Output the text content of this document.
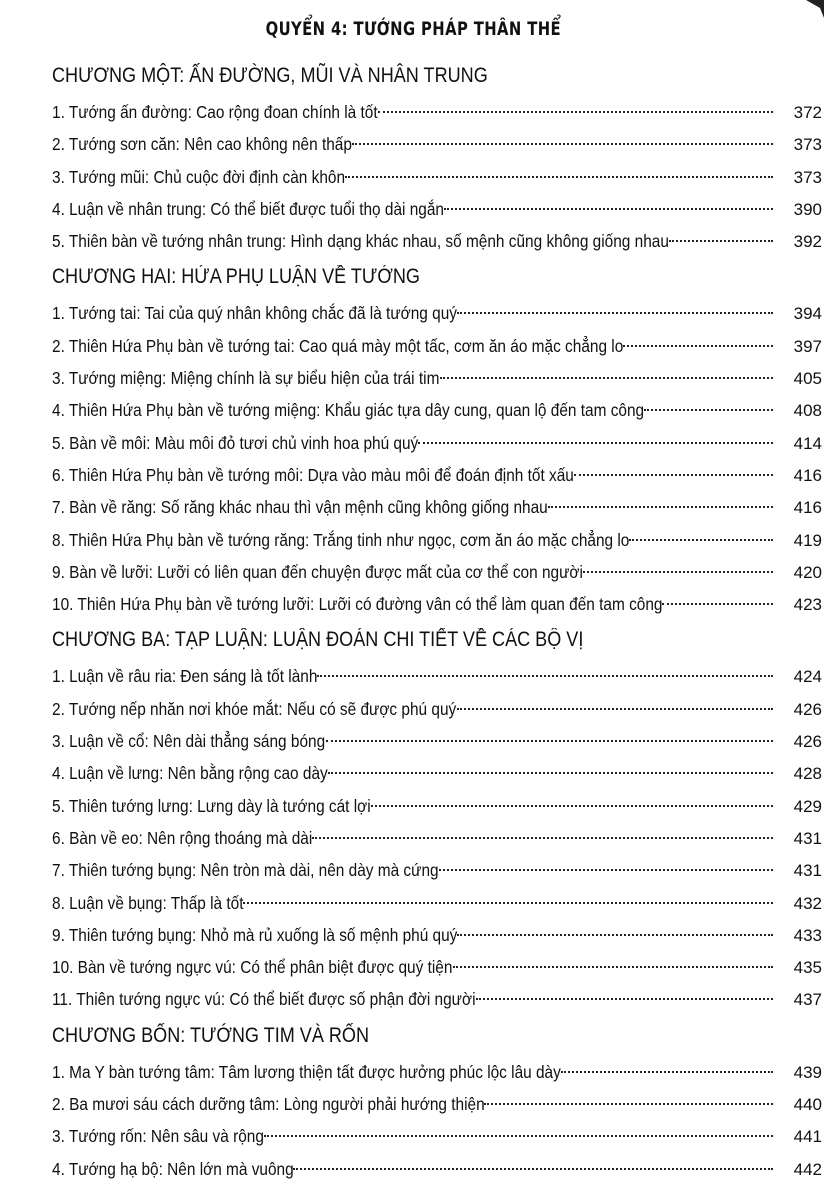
QUYỂN 4: TƯỚNG PHÁP THÂN THỂ
CHƯƠNG MỘT: ẤN ĐƯỜNG, MŨI VÀ NHÂN TRUNG
1. Tướng ấn đường: Cao rộng đoan chính là tốt	372
2. Tướng sơn căn: Nên cao không nên thấp	373
3. Tướng mũi: Chủ cuộc đời định càn khôn	373
4. Luận về nhân trung: Có thể biết được tuổi thọ dài ngắn	390
5. Thiên bàn về tướng nhân trung: Hình dạng khác nhau, số mệnh cũng không giống nhau	392
CHƯƠNG HAI: HỨA PHỤ LUẬN VỀ TƯỚNG
1. Tướng tai: Tai của quý nhân không chắc đã là tướng quý	394
2. Thiên Hứa Phụ bàn về tướng tai: Cao quá mày một tấc, cơm ăn áo mặc chẳng lo	397
3. Tướng miệng: Miệng chính là sự biểu hiện của trái tim	405
4. Thiên Hứa Phụ bàn về tướng miệng: Khẩu giác tựa dây cung, quan lộ đến tam công	408
5. Bàn về môi: Màu môi đỏ tươi chủ vinh hoa phú quý	414
6. Thiên Hứa Phụ bàn về tướng môi: Dựa vào màu môi để đoán định tốt xấu	416
7. Bàn về răng: Số răng khác nhau thì vận mệnh cũng không giống nhau	416
8. Thiên Hứa Phụ bàn về tướng răng: Trắng tinh như ngọc, cơm ăn áo mặc chẳng lo	419
9. Bàn về lưỡi: Lưỡi có liên quan đến chuyện được mất của cơ thể con người	420
10. Thiên Hứa Phụ bàn về tướng lưỡi: Lưỡi có đường vân có thể làm quan đến tam công	423
CHƯƠNG BA: TẠP LUẬN: LUẬN ĐOÁN CHI TIẾT VỀ CÁC BỘ VỊ
1. Luận về râu ria: Đen sáng là tốt lành	424
2. Tướng nếp nhăn nơi khóe mắt: Nếu có sẽ được phú quý	426
3. Luận về cổ: Nên dài thẳng sáng bóng	426
4. Luận về lưng: Nên bằng rộng cao dày	428
5. Thiên tướng lưng: Lưng dày là tướng cát lợi	429
6. Bàn về eo: Nên rộng thoáng mà dài	431
7. Thiên tướng bụng: Nên tròn mà dài, nên dày mà cứng	431
8. Luận về bụng: Thấp là tốt	432
9. Thiên tướng bụng: Nhỏ mà rủ xuống là số mệnh phú quý	433
10. Bàn về tướng ngực vú: Có thể phân biệt được quý tiện	435
11. Thiên tướng ngực vú: Có thể biết được số phận đời người	437
CHƯƠNG BỐN: TƯỚNG TIM VÀ RỐN
1. Ma Y bàn tướng tâm: Tâm lương thiện tất được hưởng phúc lộc lâu dày	439
2. Ba mươi sáu cách dưỡng tâm: Lòng người phải hướng thiện	440
3. Tướng rốn: Nên sâu và rộng	441
4. Tướng hạ bộ: Nên lớn mà vuông	442
